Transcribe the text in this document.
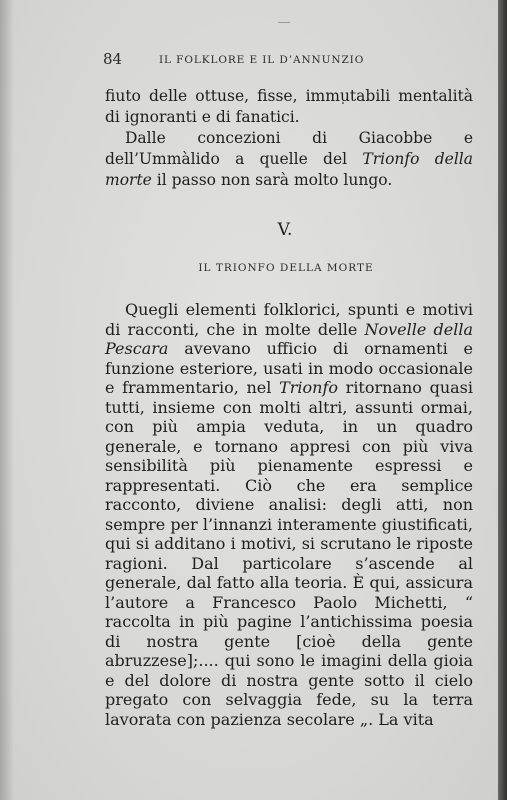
84	IL FOLKLORE E IL D’ANNUNZIO

fiuto delle ottuse, fisse, immutabili mentalità di ignoranti e di fanatici.

Dalle concezioni di Giacobbe e dell’Ummàlido a quelle del Trionfo della morte il passo non sarà molto lungo.

V.
IL TRIONFO DELLA MORTE

Quegli elementi folklorici, spunti e motivi di racconti, che in molte delle Novelle della Pescara avevano ufficio di ornamenti e funzione esteriore, usati in modo occasionale e frammentario, nel Trionfo ritornano quasi tutti, insieme con molti altri, assunti ormai, con più ampia veduta, in un quadro generale, e tornano appresi con più viva sensibilità più pienamente espressi e rappresentati. Ciò che era semplice racconto, diviene analisi: degli atti, non sempre per l’innanzi interamente giustificati, qui si additano i motivi, si scrutano le riposte ragioni. Dal particolare s’ascende al generale, dal fatto alla teoria. È qui, assicura l’autore a Francesco Paolo Michetti, “ raccolta in più pagine l’antichissima poesia di nostra gente [cioè della gente abruzzese];.... qui sono le imagini della gioia e del dolore di nostra gente sotto il cielo pregato con selvaggia fede, su la terra lavorata con pazienza secolare „. La vita
